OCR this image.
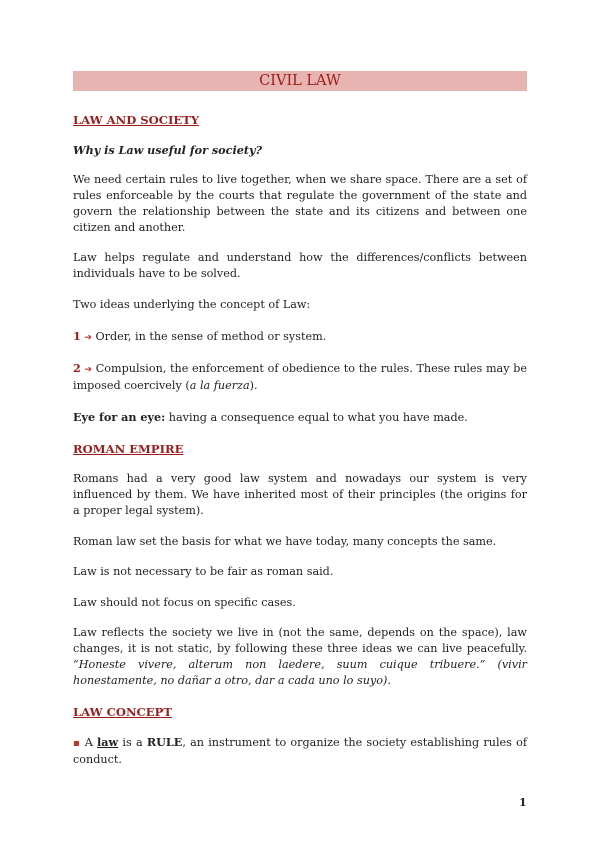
CIVIL LAW
LAW AND SOCIETY

Why is Law useful for society?

We need certain rules to live together, when we share space. There are a set of rules enforceable by the courts that regulate the government of the state and govern the relationship between the state and its citizens and between one citizen and another.

Law helps regulate and understand how the differences/conflicts between individuals have to be solved.

Two ideas underlying the concept of Law:

1 ➔ Order, in the sense of method or system.

2 ➔ Compulsion, the enforcement of obedience to the rules. These rules may be imposed coercively (a la fuerza).

Eye for an eye: having a consequence equal to what you have made.

ROMAN EMPIRE

Romans had a very good law system and nowadays our system is very influenced by them. We have inherited most of their principles (the origins for a proper legal system).

Roman law set the basis for what we have today, many concepts the same.

Law is not necessary to be fair as roman said.

Law should not focus on specific cases.

Law reflects the society we live in (not the same, depends on the space), law changes, it is not static, by following these three ideas we can live peacefully. “Honeste vivere, alterum non laedere, suum cuique tribuere.” (vivir honestamente, no dañar a otro, dar a cada uno lo suyo).

LAW CONCEPT

▪ A law is a RULE, an instrument to organize the society establishing rules of conduct.

1
